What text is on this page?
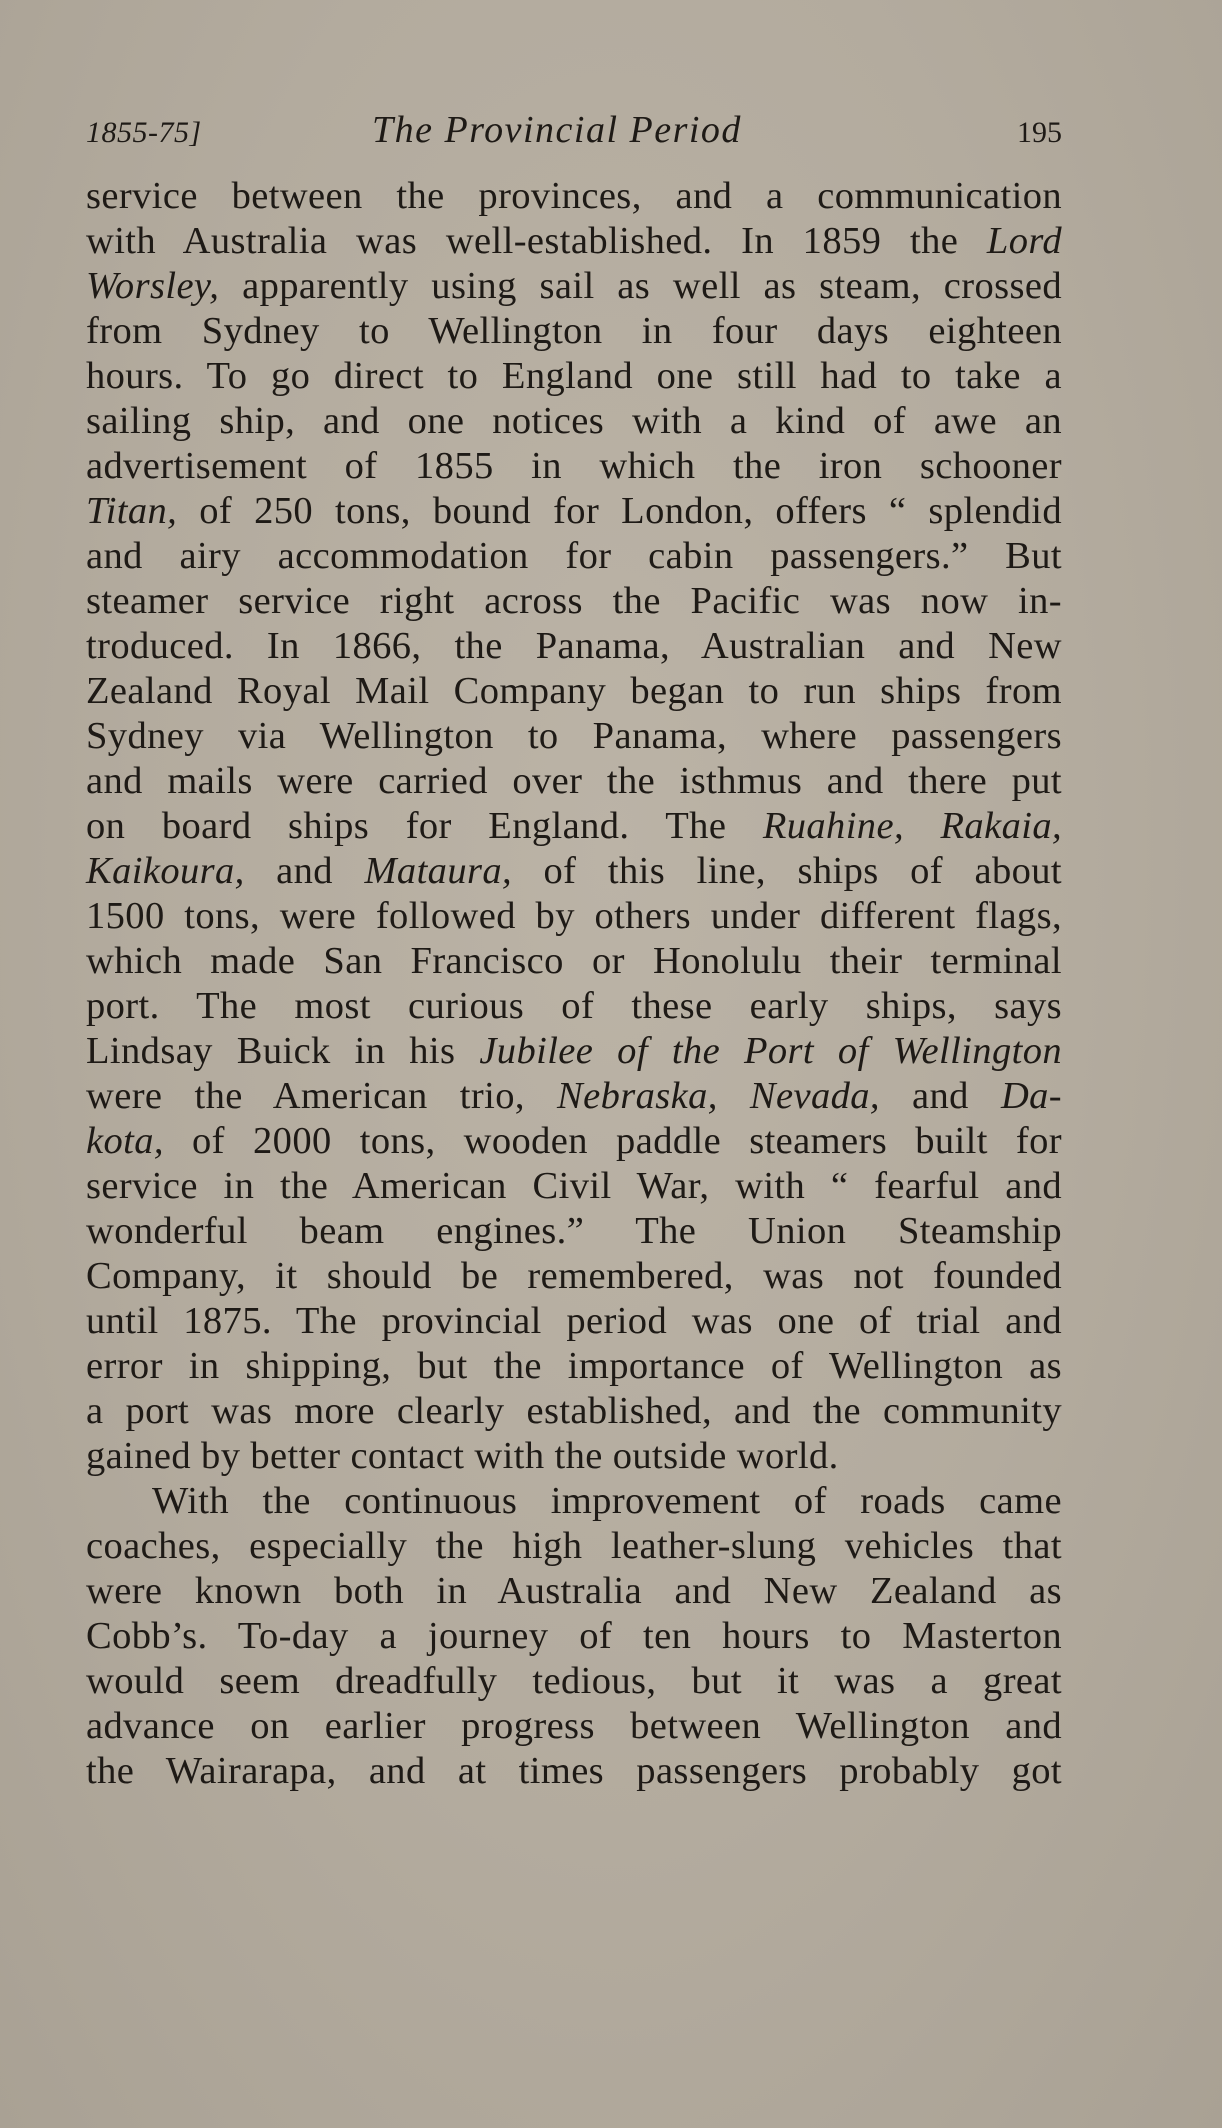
1855-75]	The Provincial Period	195
service between the provinces, and a communication
with Australia was well-established. In 1859 the Lord
Worsley, apparently using sail as well as steam, crossed
from Sydney to Wellington in four days eighteen
hours. To go direct to England one still had to take a
sailing ship, and one notices with a kind of awe an
advertisement of 1855 in which the iron schooner
Titan, of 250 tons, bound for London, offers “ splendid
and airy accommodation for cabin passengers.” But
steamer service right across the Pacific was now in-
troduced. In 1866, the Panama, Australian and New
Zealand Royal Mail Company began to run ships from
Sydney via Wellington to Panama, where passengers
and mails were carried over the isthmus and there put
on board ships for England. The Ruahine, Rakaia,
Kaikoura, and Mataura, of this line, ships of about
1500 tons, were followed by others under different flags,
which made San Francisco or Honolulu their terminal
port. The most curious of these early ships, says
Lindsay Buick in his Jubilee of the Port of Wellington
were the American trio, Nebraska, Nevada, and Da-
kota, of 2000 tons, wooden paddle steamers built for
service in the American Civil War, with “ fearful and
wonderful beam engines.” The Union Steamship
Company, it should be remembered, was not founded
until 1875. The provincial period was one of trial and
error in shipping, but the importance of Wellington as
a port was more clearly established, and the community
gained by better contact with the outside world.
With the continuous improvement of roads came
coaches, especially the high leather-slung vehicles that
were known both in Australia and New Zealand as
Cobb’s. To-day a journey of ten hours to Masterton
would seem dreadfully tedious, but it was a great
advance on earlier progress between Wellington and
the Wairarapa, and at times passengers probably got
